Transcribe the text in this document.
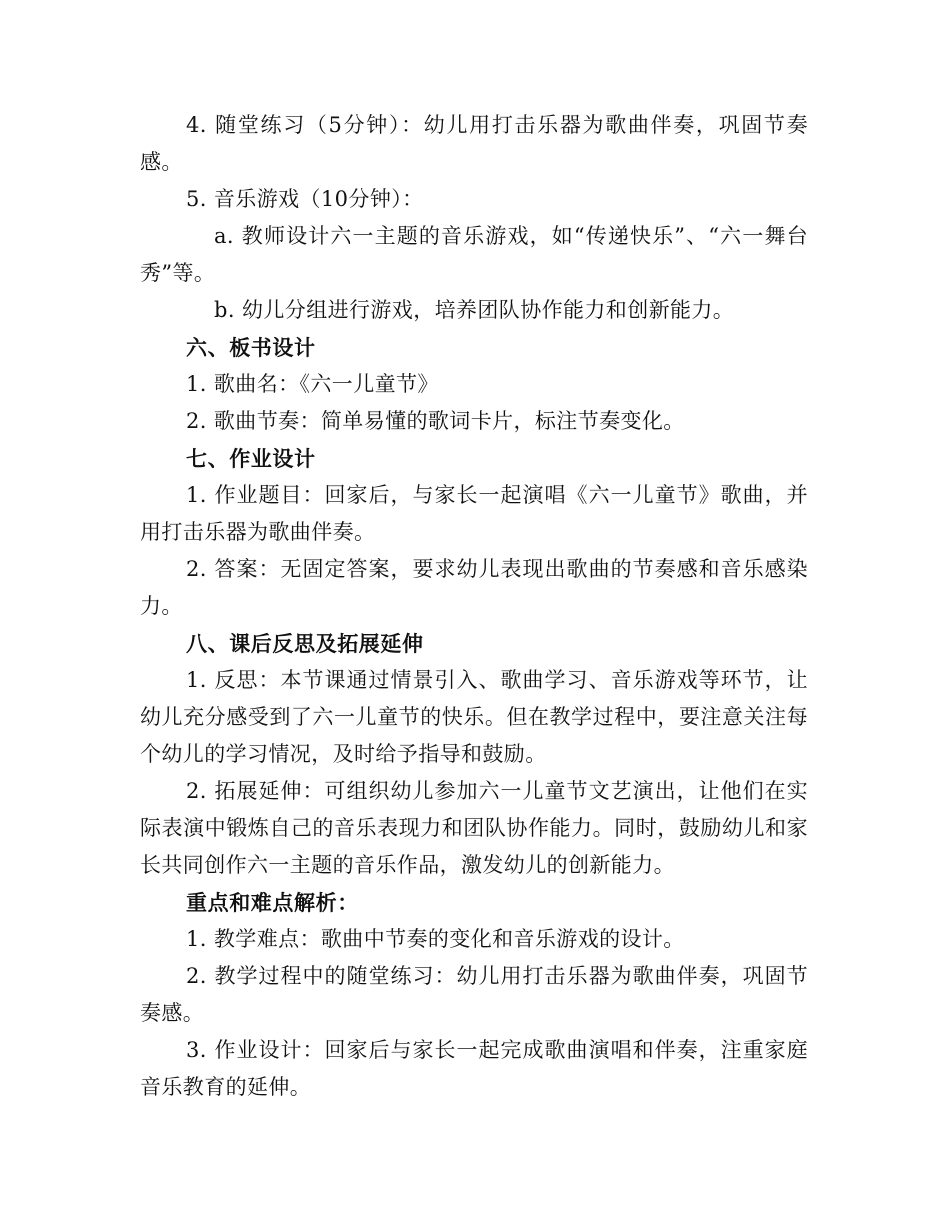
4. 随堂练习（5分钟）：幼儿用打击乐器为歌曲伴奏，巩固节奏感。

5. 音乐游戏（10分钟）：

a. 教师设计六一主题的音乐游戏，如“传递快乐”、“六一舞台秀”等。

b. 幼儿分组进行游戏，培养团队协作能力和创新能力。

六、板书设计

1. 歌曲名：《六一儿童节》

2. 歌曲节奏：简单易懂的歌词卡片，标注节奏变化。

七、作业设计

1. 作业题目：回家后，与家长一起演唱《六一儿童节》歌曲，并用打击乐器为歌曲伴奏。

2. 答案：无固定答案，要求幼儿表现出歌曲的节奏感和音乐感染力。

八、课后反思及拓展延伸

1. 反思：本节课通过情景引入、歌曲学习、音乐游戏等环节，让幼儿充分感受到了六一儿童节的快乐。但在教学过程中，要注意关注每个幼儿的学习情况，及时给予指导和鼓励。

2. 拓展延伸：可组织幼儿参加六一儿童节文艺演出，让他们在实际表演中锻炼自己的音乐表现力和团队协作能力。同时，鼓励幼儿和家长共同创作六一主题的音乐作品，激发幼儿的创新能力。

重点和难点解析：

1. 教学难点：歌曲中节奏的变化和音乐游戏的设计。

2. 教学过程中的随堂练习：幼儿用打击乐器为歌曲伴奏，巩固节奏感。

3. 作业设计：回家后与家长一起完成歌曲演唱和伴奏，注重家庭音乐教育的延伸。
